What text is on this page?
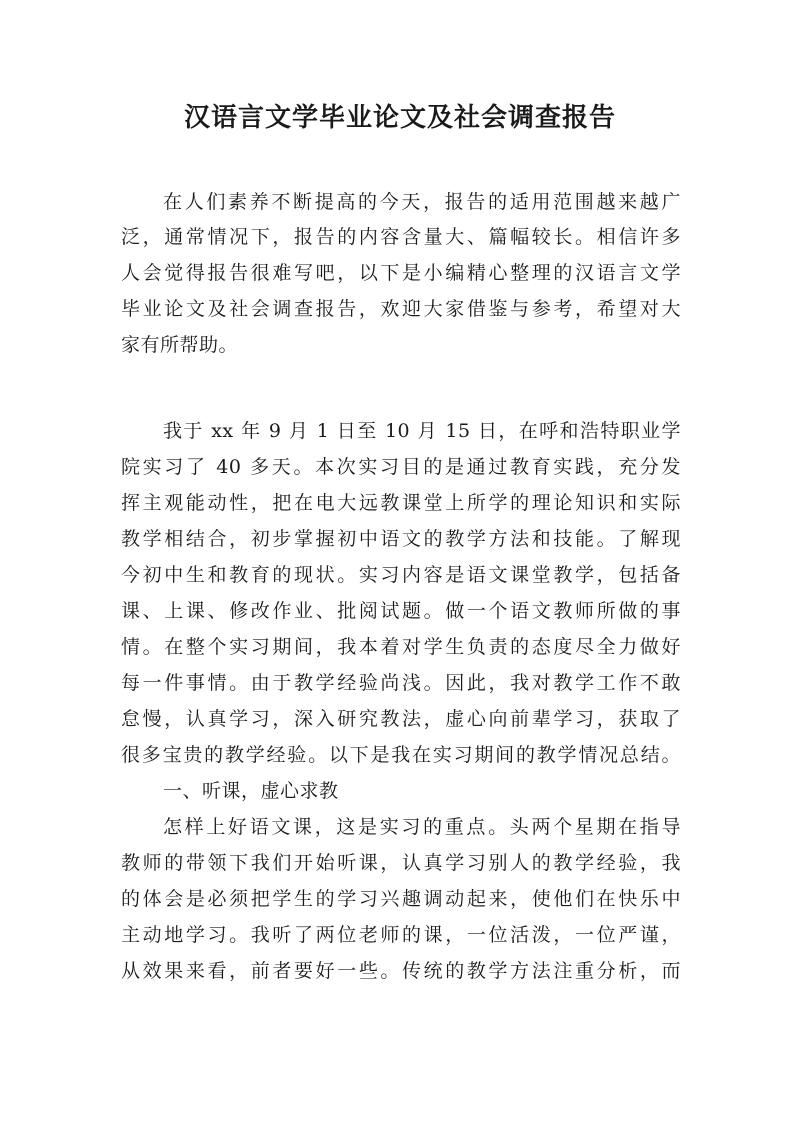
汉语言文学毕业论文及社会调查报告
在人们素养不断提高的今天，报告的适用范围越来越广
泛，通常情况下，报告的内容含量大、篇幅较长。相信许多
人会觉得报告很难写吧，以下是小编精心整理的汉语言文学
毕业论文及社会调查报告，欢迎大家借鉴与参考，希望对大
家有所帮助。
我于 xx 年 9 月 1 日至 10 月 15 日，在呼和浩特职业学
院实习了 40 多天。本次实习目的是通过教育实践，充分发
挥主观能动性，把在电大远教课堂上所学的理论知识和实际
教学相结合，初步掌握初中语文的教学方法和技能。了解现
今初中生和教育的现状。实习内容是语文课堂教学，包括备
课、上课、修改作业、批阅试题。做一个语文教师所做的事
情。在整个实习期间，我本着对学生负责的态度尽全力做好
每一件事情。由于教学经验尚浅。因此，我对教学工作不敢
怠慢，认真学习，深入研究教法，虚心向前辈学习，获取了
很多宝贵的教学经验。以下是我在实习期间的教学情况总结。
一、听课，虚心求教
怎样上好语文课，这是实习的重点。头两个星期在指导
教师的带领下我们开始听课，认真学习别人的教学经验，我
的体会是必须把学生的学习兴趣调动起来，使他们在快乐中
主动地学习。我听了两位老师的课，一位活泼，一位严谨，
从效果来看，前者要好一些。传统的教学方法注重分析，而
